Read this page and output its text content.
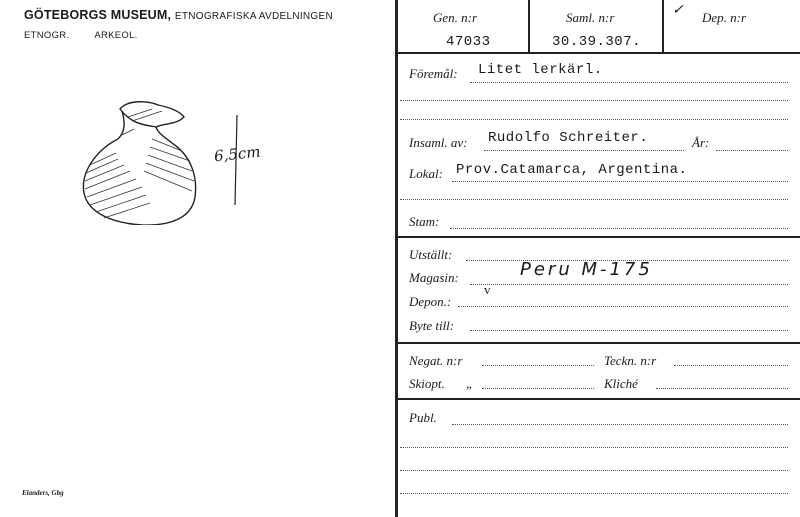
GÖTEBORGS MUSEUM, ETNOGRAFISKA AVDELNINGEN
ETNOGR.	ARKEOL.
6,5cm
Elanders, Gbg
Gen. n:r
47033
Saml. n:r
30.39.307.
✓ Dep. n:r
Föremål: Litet lerkärl.
Insaml. av: Rudolfo Schreiter.	År:
Lokal: Prov.Catamarca, Argentina.
Stam:
Utställt:
Magasin:	Peru M-175
Depon.:
v
Byte till:
Negat. n:r	Teckn. n:r
Skiopt. „	Kliché
Publ.
